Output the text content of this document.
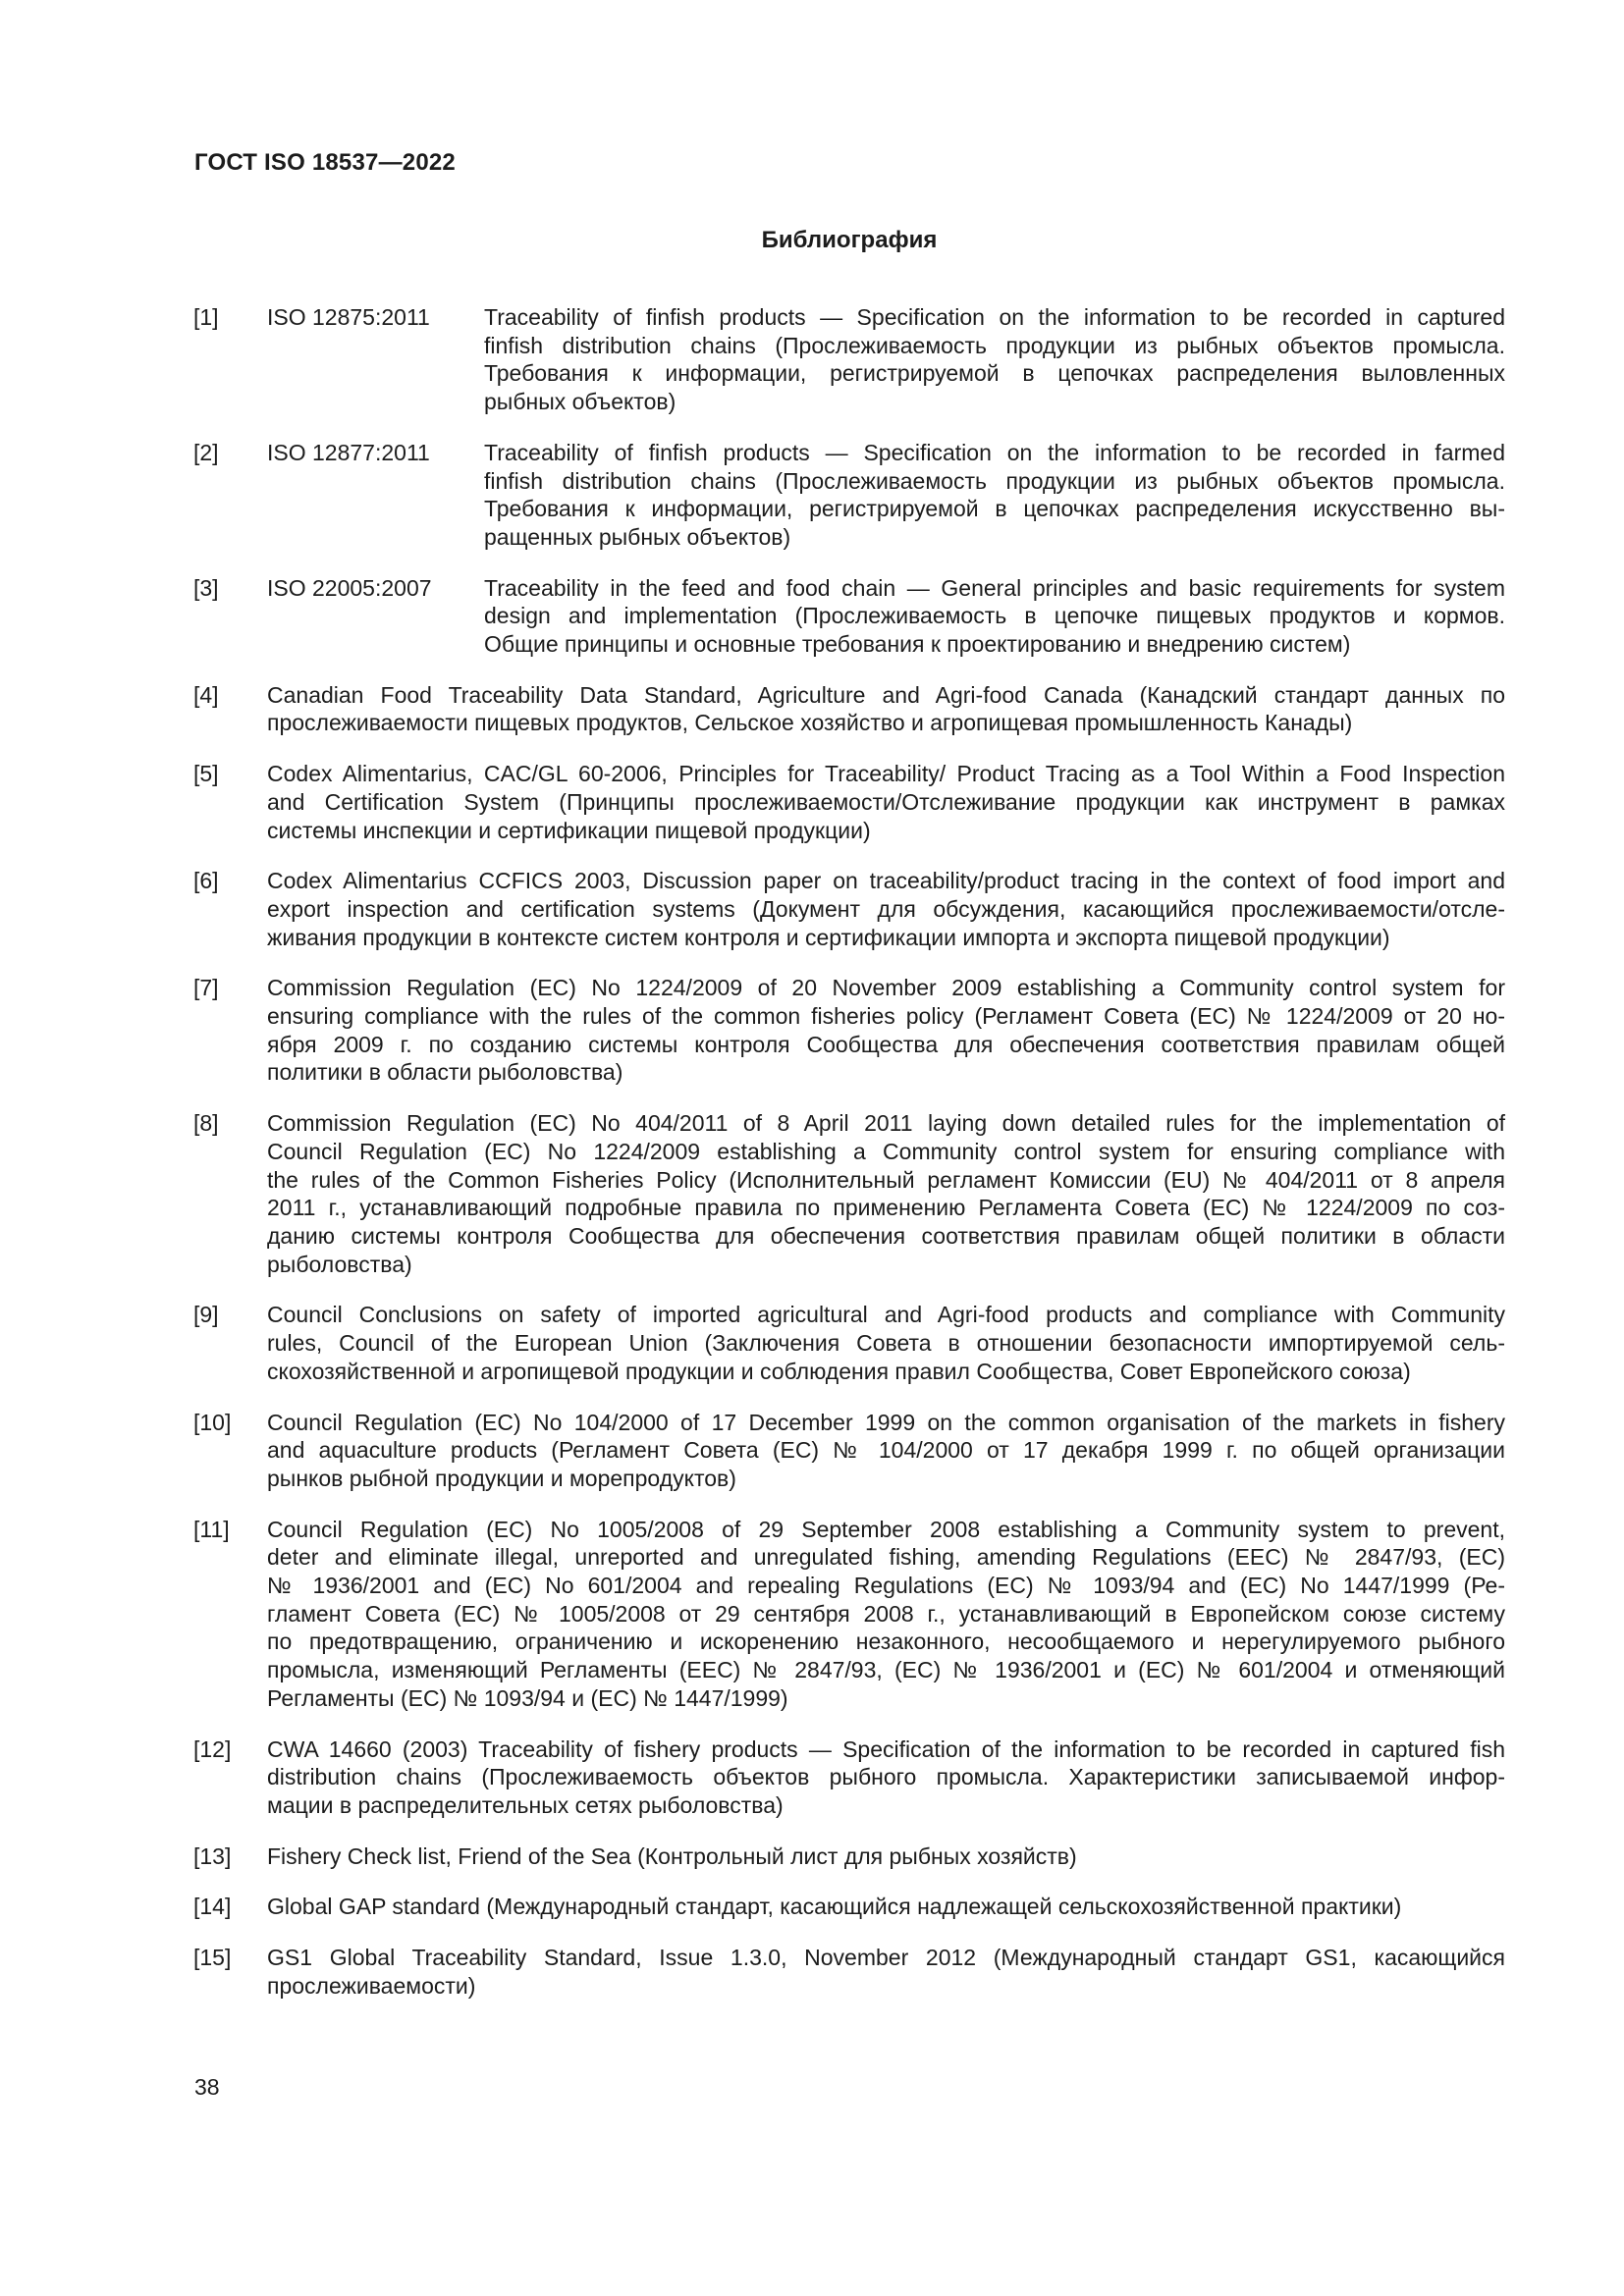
ГОСТ ISO 18537—2022
Библиография
[1]	ISO 12875:2011	Traceability of finfish products — Specification on the information to be recorded in captured
finfish distribution chains (Прослеживаемость продукции из рыбных объектов промысла.
Требования к информации, регистрируемой в цепочках распределения выловленных
рыбных объектов)
[2]	ISO 12877:2011	Traceability of finfish products — Specification on the information to be recorded in farmed
finfish distribution chains (Прослеживаемость продукции из рыбных объектов промысла.
Требования к информации, регистрируемой в цепочках распределения искусственно вы-
ращенных рыбных объектов)
[3]	ISO 22005:2007	Traceability in the feed and food chain — General principles and basic requirements for system
design and implementation (Прослеживаемость в цепочке пищевых продуктов и кормов.
Общие принципы и основные требования к проектированию и внедрению систем)
[4]	Canadian Food Traceability Data Standard, Agriculture and Agri-food Canada (Канадский стандарт данных по
прослеживаемости пищевых продуктов, Сельское хозяйство и агропищевая промышленность Канады)
[5]	Codex Alimentarius, CAC/GL 60-2006, Principles for Traceability/ Product Tracing as a Tool Within a Food Inspection
and Certification System (Принципы прослеживаемости/Отслеживание продукции как инструмент в рамках
системы инспекции и сертификации пищевой продукции)
[6]	Codex Alimentarius CCFICS 2003, Discussion paper on traceability/product tracing in the context of food import and
export inspection and certification systems (Документ для обсуждения, касающийся прослеживаемости/отсле-
живания продукции в контексте систем контроля и сертификации импорта и экспорта пищевой продукции)
[7]	Commission Regulation (EC) No 1224/2009 of 20 November 2009 establishing a Community control system for
ensuring compliance with the rules of the common fisheries policy (Регламент Совета (ЕС) № 1224/2009 от 20 но-
ября 2009 г. по созданию системы контроля Сообщества для обеспечения соответствия правилам общей
политики в области рыболовства)
[8]	Commission Regulation (EC) No 404/2011 of 8 April 2011 laying down detailed rules for the implementation of
Council Regulation (EC) No 1224/2009 establishing a Community control system for ensuring compliance with
the rules of the Common Fisheries Policy (Исполнительный регламент Комиссии (EU) № 404/2011 от 8 апреля
2011 г., устанавливающий подробные правила по применению Регламента Совета (ЕС) № 1224/2009 по соз-
данию системы контроля Сообщества для обеспечения соответствия правилам общей политики в области
рыболовства)
[9]	Council Conclusions on safety of imported agricultural and Agri-food products and compliance with Community
rules, Council of the European Union (Заключения Совета в отношении безопасности импортируемой сель-
скохозяйственной и агропищевой продукции и соблюдения правил Сообщества, Совет Европейского союза)
[10]	Council Regulation (EC) No 104/2000 of 17 December 1999 on the common organisation of the markets in fishery
and aquaculture products (Регламент Совета (ЕС) № 104/2000 от 17 декабря 1999 г. по общей организации
рынков рыбной продукции и морепродуктов)
[11]	Council Regulation (EC) No 1005/2008 of 29 September 2008 establishing a Community system to prevent,
deter and eliminate illegal, unreported and unregulated fishing, amending Regulations (EEC) № 2847/93, (EC)
№ 1936/2001 and (EC) No 601/2004 and repealing Regulations (EC) № 1093/94 and (EC) No 1447/1999 (Ре-
гламент Совета (ЕС) № 1005/2008 от 29 сентября 2008 г., устанавливающий в Европейском союзе систему
по предотвращению, ограничению и искоренению незаконного, несообщаемого и нерегулируемого рыбного
промысла, изменяющий Регламенты (ЕЕС) № 2847/93, (ЕС) № 1936/2001 и (ЕС) № 601/2004 и отменяющий
Регламенты (ЕС) № 1093/94 и (ЕС) № 1447/1999)
[12]	CWA 14660 (2003) Traceability of fishery products — Specification of the information to be recorded in captured fish
distribution chains (Прослеживаемость объектов рыбного промысла. Характеристики записываемой инфор-
мации в распределительных сетях рыболовства)
[13]	Fishery Check list, Friend of the Sea (Контрольный лист для рыбных хозяйств)
[14]	Global GAP standard (Международный стандарт, касающийся надлежащей сельскохозяйственной практики)
[15]	GS1 Global Traceability Standard, Issue 1.3.0, November 2012 (Международный стандарт GS1, касающийся
прослеживаемости)
38
